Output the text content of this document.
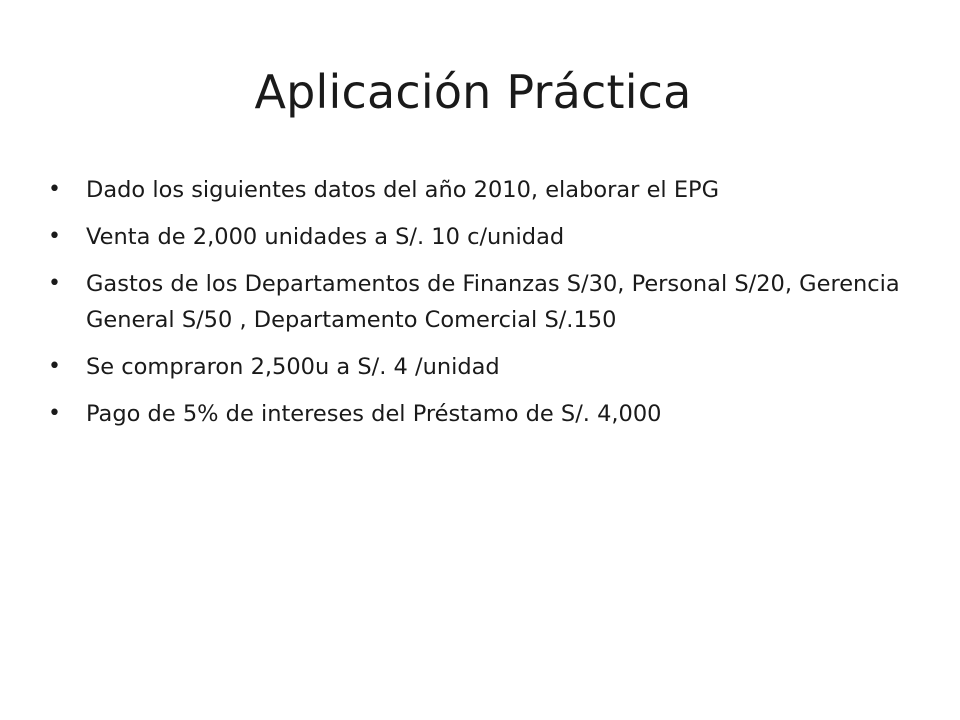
Aplicación Práctica
•	Dado los siguientes datos del año 2010, elaborar el EPG
•	Venta de 2,000 unidades a S/. 10 c/unidad
•	Gastos de los Departamentos de Finanzas S/30, Personal S/20, Gerencia General S/50 , Departamento Comercial S/.150
•	Se compraron 2,500u a S/. 4 /unidad
•	Pago de 5% de intereses del Préstamo de S/. 4,000
